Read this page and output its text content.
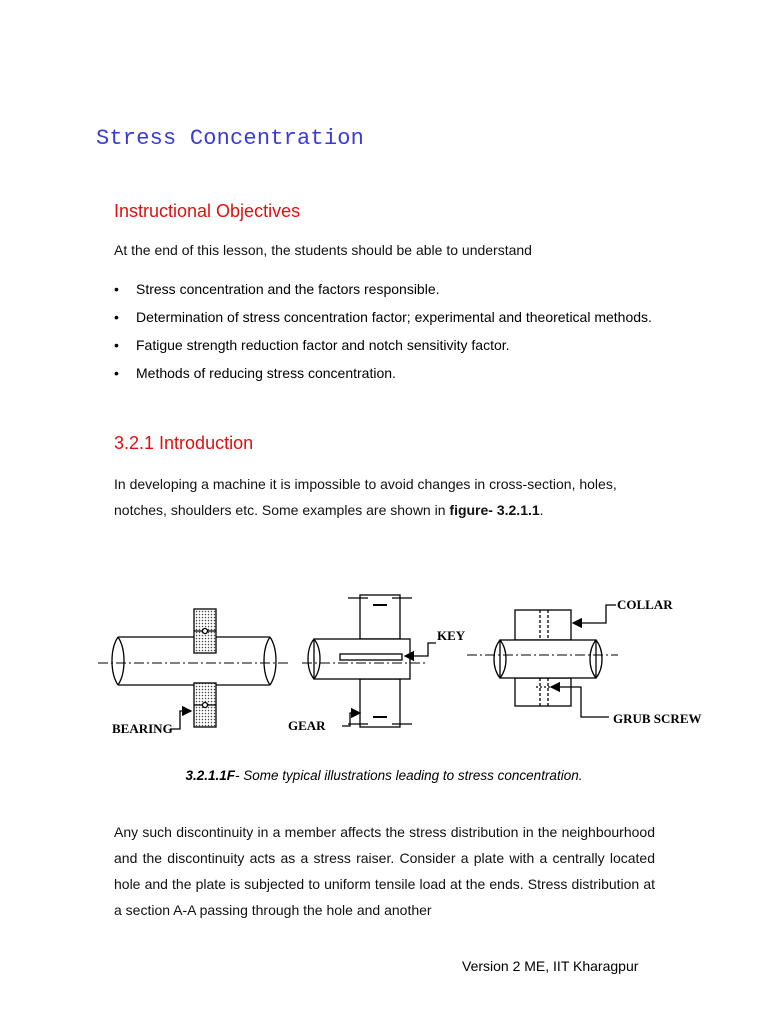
Stress Concentration
Instructional Objectives
At the end of this lesson, the students should be able to understand
• Stress concentration and the factors responsible.
• Determination of stress concentration factor; experimental and theoretical methods.
• Fatigue strength reduction factor and notch sensitivity factor.
• Methods of reducing stress concentration.
3.2.1 Introduction

In developing a machine it is impossible to avoid changes in cross-section, holes, notches, shoulders etc. Some examples are shown in figure- 3.2.1.1.

BEARING
KEY
GEAR
COLLAR
GRUB SCREW
3.2.1.1F- Some typical illustrations leading to stress concentration.

Any such discontinuity in a member affects the stress distribution in the neighbourhood and the discontinuity acts as a stress raiser. Consider a plate with a centrally located hole and the plate is subjected to uniform tensile load at the ends. Stress distribution at a section A-A passing through the hole and another

Version 2 ME, IIT Kharagpur
